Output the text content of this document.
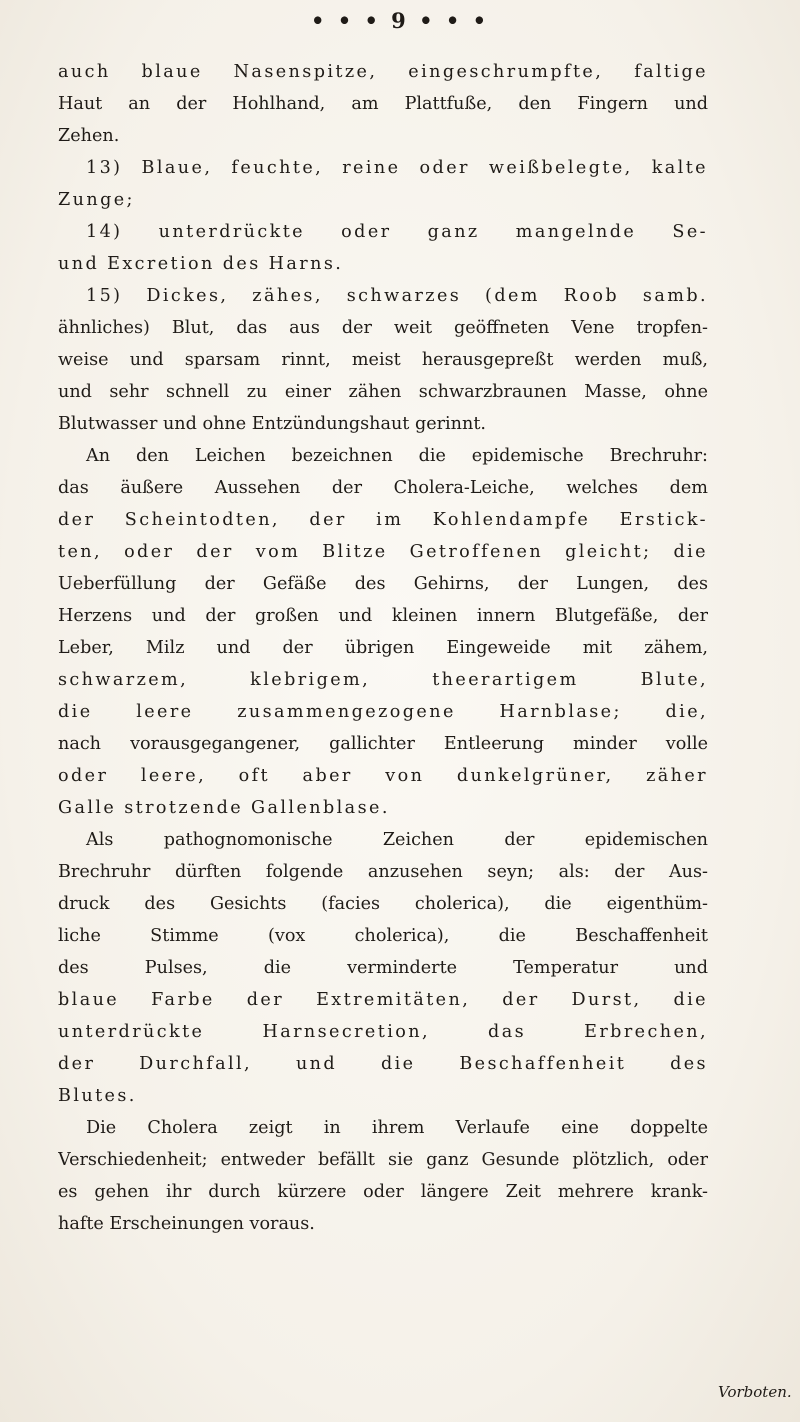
• • • 9 • • •
auch blaue Nasenspitze, eingeschrumpfte, faltige
Haut an der Hohlhand, am Plattfuße, den Fingern und
Zehen.
13) Blaue, feuchte, reine oder weißbelegte, kalte
Zunge;
14) unterdrückte oder ganz mangelnde Se-
und Excretion des Harns.
15) Dickes, zähes, schwarzes (dem Roob samb.
ähnliches) Blut, das aus der weit geöffneten Vene tropfen-
weise und sparsam rinnt, meist herausgepreßt werden muß,
und sehr schnell zu einer zähen schwarzbraunen Masse, ohne
Blutwasser und ohne Entzündungshaut gerinnt.
An den Leichen bezeichnen die epidemische Brechruhr:
das äußere Aussehen der Cholera-Leiche, welches dem
der Scheintodten, der im Kohlendampfe Erstick-
ten, oder der vom Blitze Getroffenen gleicht; die
Ueberfüllung der Gefäße des Gehirns, der Lungen, des
Herzens und der großen und kleinen innern Blutgefäße, der
Leber, Milz und der übrigen Eingeweide mit zähem,
schwarzem, klebrigem, theerartigem Blute,
die leere zusammengezogene Harnblase; die,
nach vorausgegangener, gallichter Entleerung minder volle
oder leere, oft aber von dunkelgrüner, zäher
Galle strotzende Gallenblase.
Als pathognomonische Zeichen der epidemischen
Brechruhr dürften folgende anzusehen seyn; als: der Aus-
druck des Gesichts (facies cholerica), die eigenthüm-
liche Stimme (vox cholerica), die Beschaffenheit
des Pulses, die verminderte Temperatur und
blaue Farbe der Extremitäten, der Durst, die
unterdrückte Harnsecretion, das Erbrechen,
der Durchfall, und die Beschaffenheit des
Blutes.
Die Cholera zeigt in ihrem Verlaufe eine doppelte
Verschiedenheit; entweder befällt sie ganz Gesunde plötzlich, oder
es gehen ihr durch kürzere oder längere Zeit mehrere krank-
hafte Erscheinungen voraus.
Vorboten.
